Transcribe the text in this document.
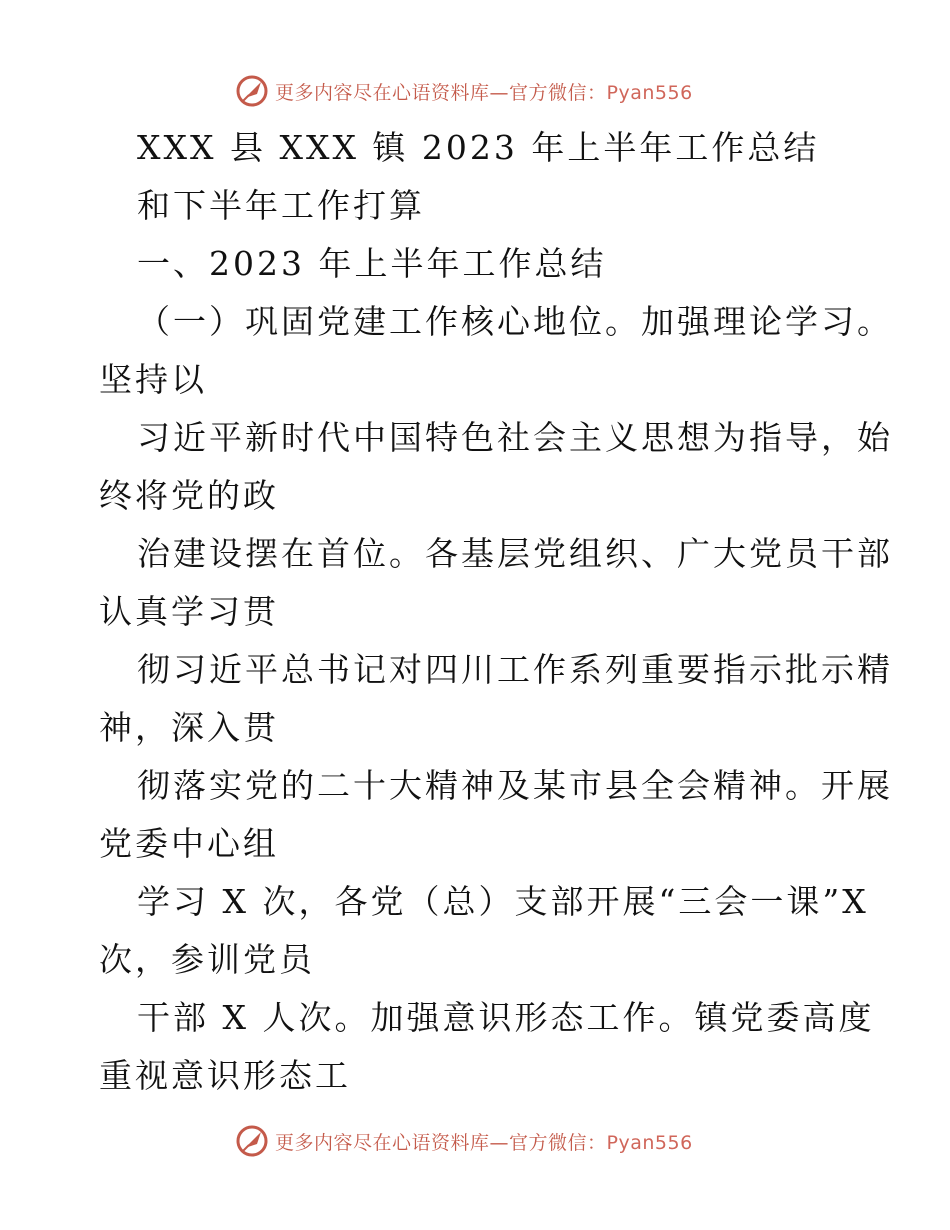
更多内容尽在心语资料库—官方微信：Pyan556
XXX 县 XXX 镇 2023 年上半年工作总结
和下半年工作打算
一、2023 年上半年工作总结
（一）巩固党建工作核心地位。加强理论学习。
坚持以
习近平新时代中国特色社会主义思想为指导，始
终将党的政
治建设摆在首位。各基层党组织、广大党员干部
认真学习贯
彻习近平总书记对四川工作系列重要指示批示精
神，深入贯
彻落实党的二十大精神及某市县全会精神。开展
党委中心组
学习 X 次，各党（总）支部开展“三会一课”X
次，参训党员
干部 X 人次。加强意识形态工作。镇党委高度
重视意识形态工
更多内容尽在心语资料库—官方微信：Pyan556
